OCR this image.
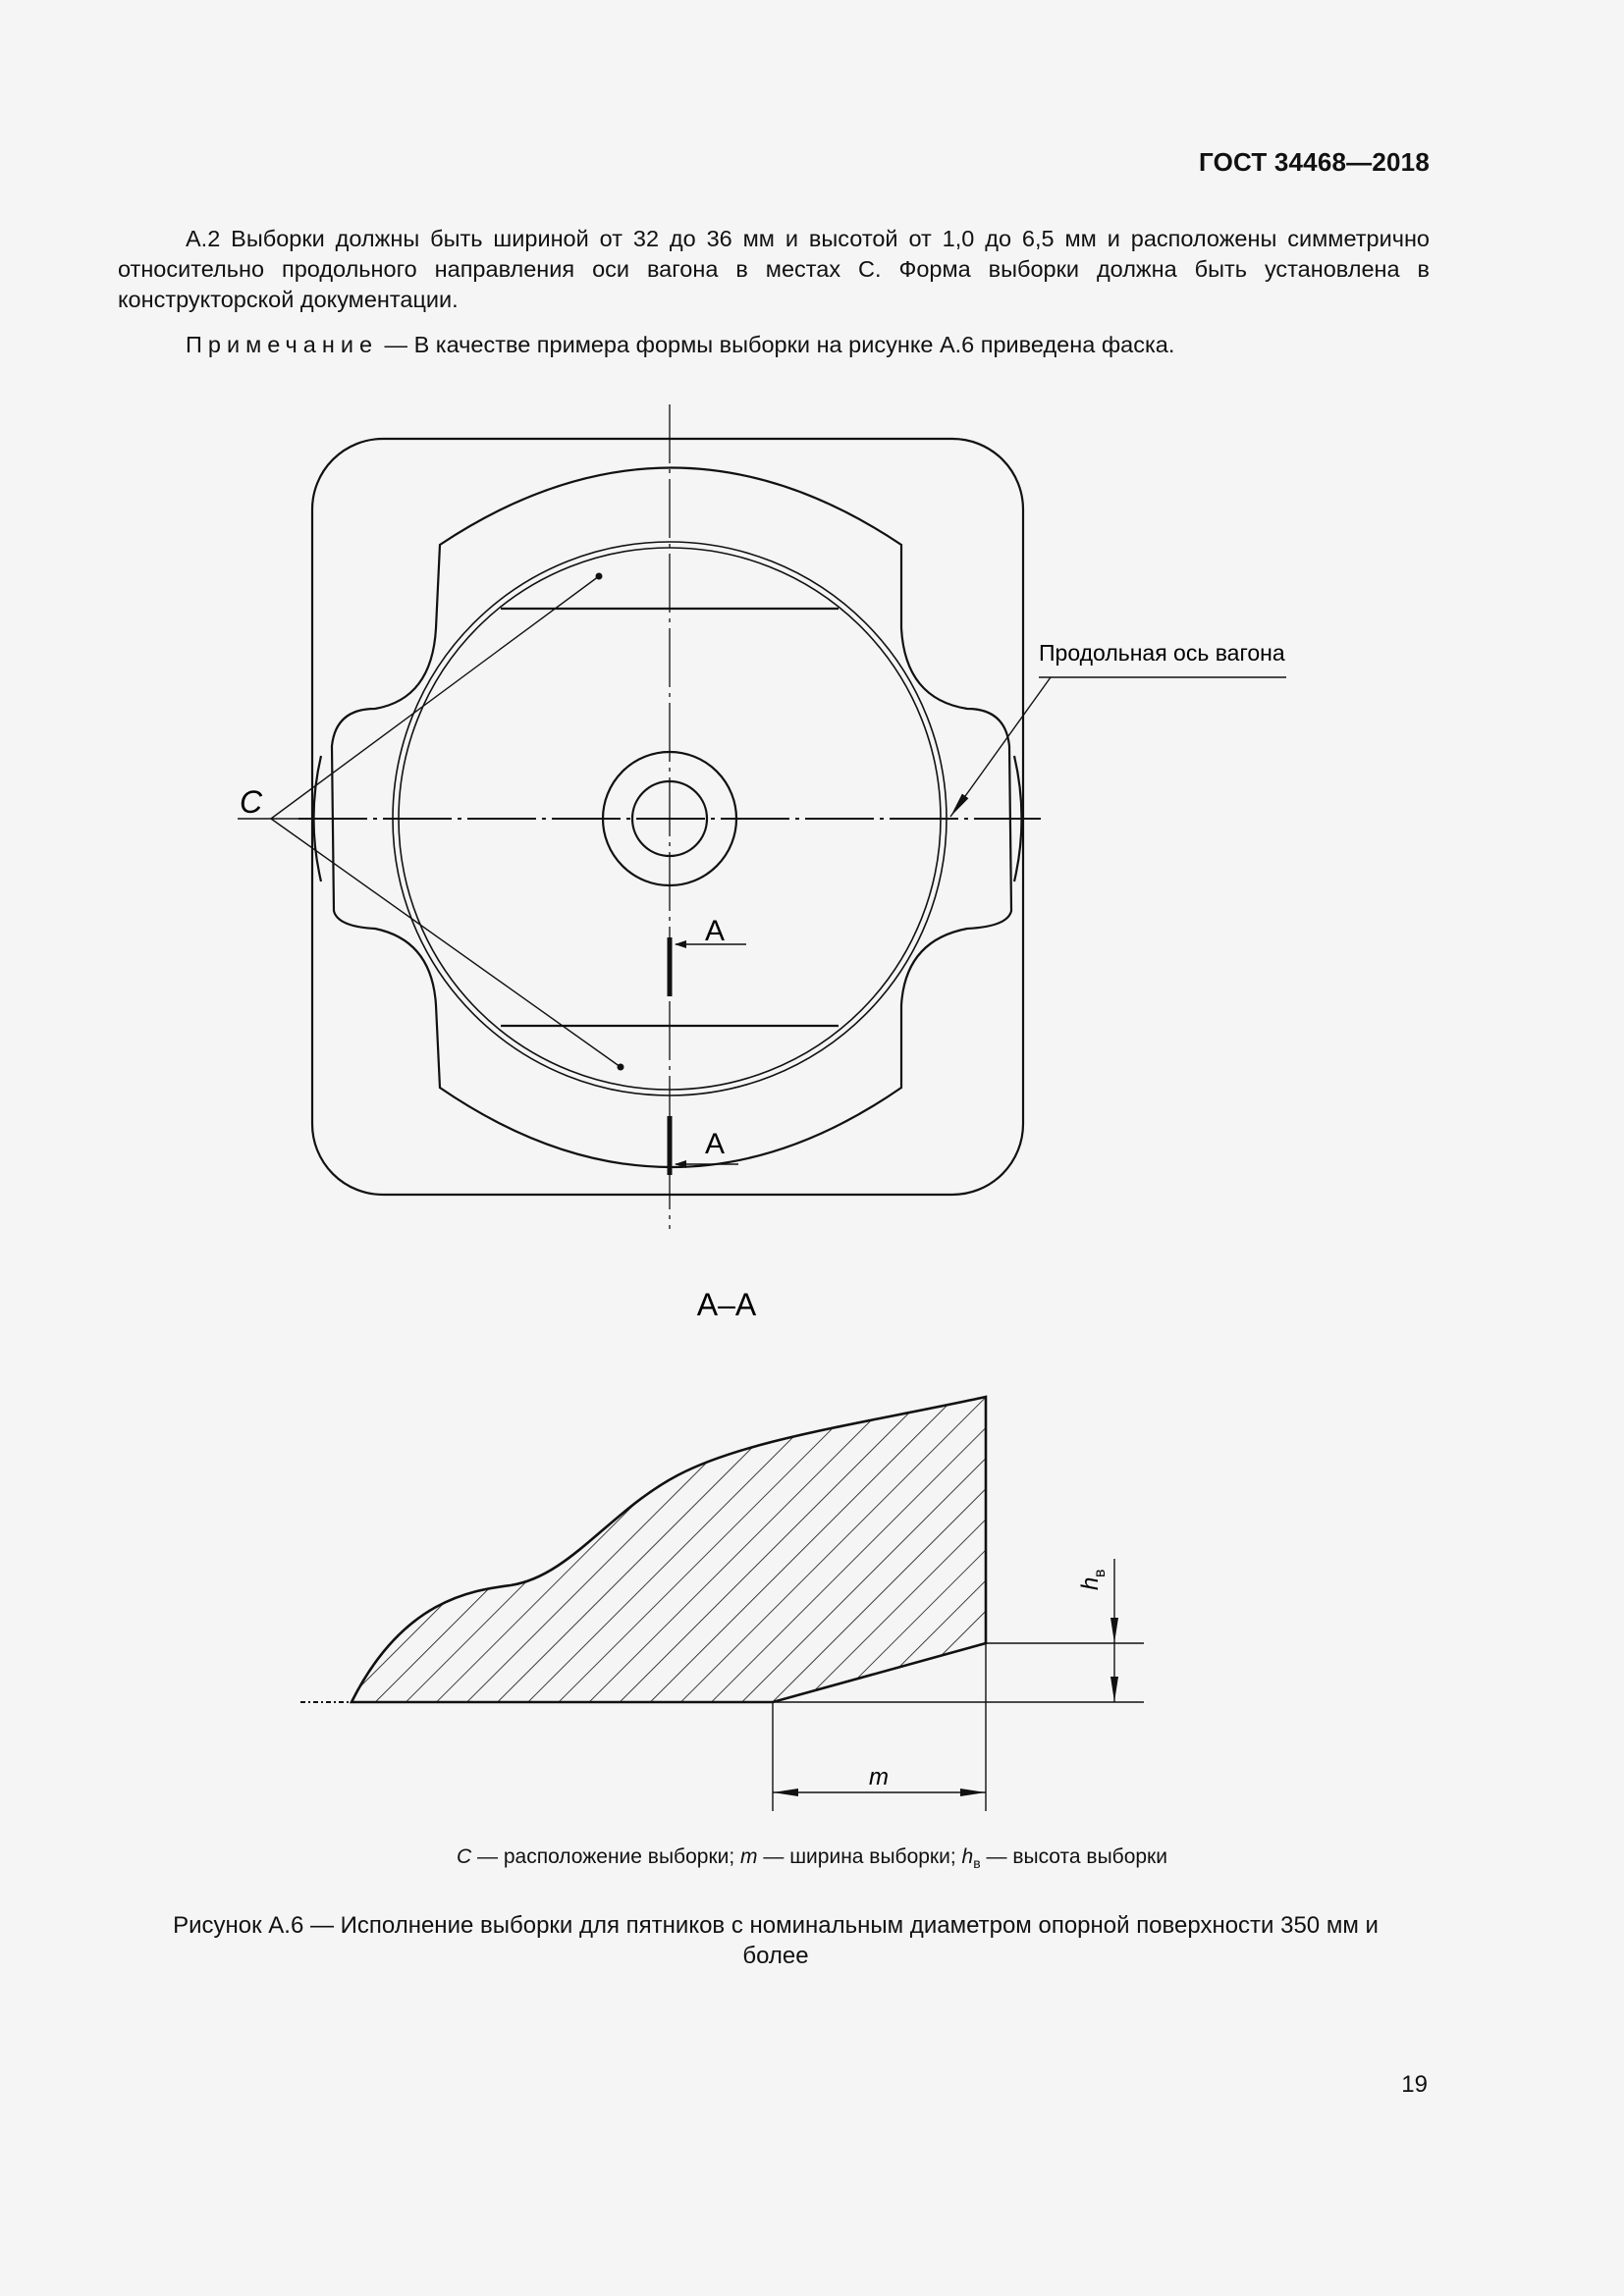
ГОСТ 34468—2018

А.2 Выборки должны быть шириной от 32 до 36 мм и высотой от 1,0 до 6,5 мм и расположены симметрично относительно продольного направления оси вагона в местах С. Форма выборки должна быть установлена в конструкторской документации.

Примечание — В качестве примера формы выборки на рисунке А.6 приведена фаска.

А
А
С
Продольная ось вагона
А–А
m
h
в
С — расположение выборки; m — ширина выборки; $h_в$ — высота выборки
Рисунок А.6 — Исполнение выборки для пятников с номинальным диаметром опорной поверхности 350 мм и более
19
